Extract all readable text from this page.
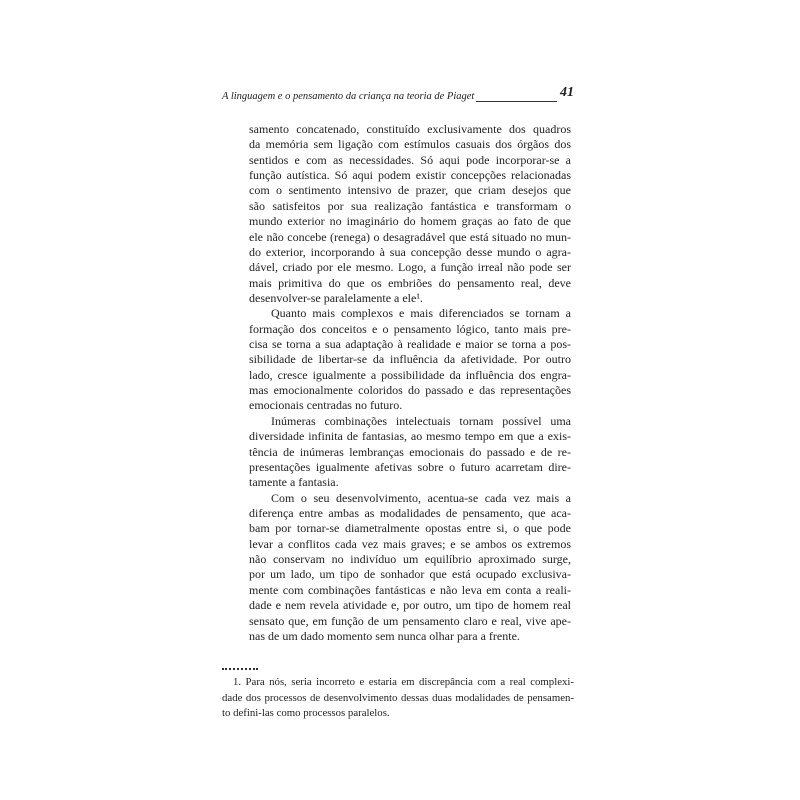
A linguagem e o pensamento da criança na teoria de Piaget	41
samento concatenado, constituído exclusivamente dos quadros
da memória sem ligação com estímulos casuais dos órgãos dos
sentidos e com as necessidades. Só aqui pode incorporar-se a
função autística. Só aqui podem existir concepções relacionadas
com o sentimento intensivo de prazer, que criam desejos que
são satisfeitos por sua realização fantástica e transformam o
mundo exterior no imaginário do homem graças ao fato de que
ele não concebe (renega) o desagradável que está situado no mun-
do exterior, incorporando à sua concepção desse mundo o agra-
dável, criado por ele mesmo. Logo, a função irreal não pode ser
mais primitiva do que os embriões do pensamento real, deve
desenvolver-se paralelamente a ele¹.
Quanto mais complexos e mais diferenciados se tornam a
formação dos conceitos e o pensamento lógico, tanto mais pre-
cisa se torna a sua adaptação à realidade e maior se torna a pos-
sibilidade de libertar-se da influência da afetividade. Por outro
lado, cresce igualmente a possibilidade da influência dos engra-
mas emocionalmente coloridos do passado e das representações
emocionais centradas no futuro.
Inúmeras combinações intelectuais tornam possível uma
diversidade infinita de fantasias, ao mesmo tempo em que a exis-
tência de inúmeras lembranças emocionais do passado e de re-
presentações igualmente afetivas sobre o futuro acarretam dire-
tamente a fantasia.
Com o seu desenvolvimento, acentua-se cada vez mais a
diferença entre ambas as modalidades de pensamento, que aca-
bam por tornar-se diametralmente opostas entre si, o que pode
levar a conflitos cada vez mais graves; e se ambos os extremos
não conservam no indivíduo um equilíbrio aproximado surge,
por um lado, um tipo de sonhador que está ocupado exclusiva-
mente com combinações fantásticas e não leva em conta a reali-
dade e nem revela atividade e, por outro, um tipo de homem real
sensato que, em função de um pensamento claro e real, vive ape-
nas de um dado momento sem nunca olhar para a frente.
1. Para nós, seria incorreto e estaria em discrepância com a real complexi-
dade dos processos de desenvolvimento dessas duas modalidades de pensamen-
to defini-las como processos paralelos.
